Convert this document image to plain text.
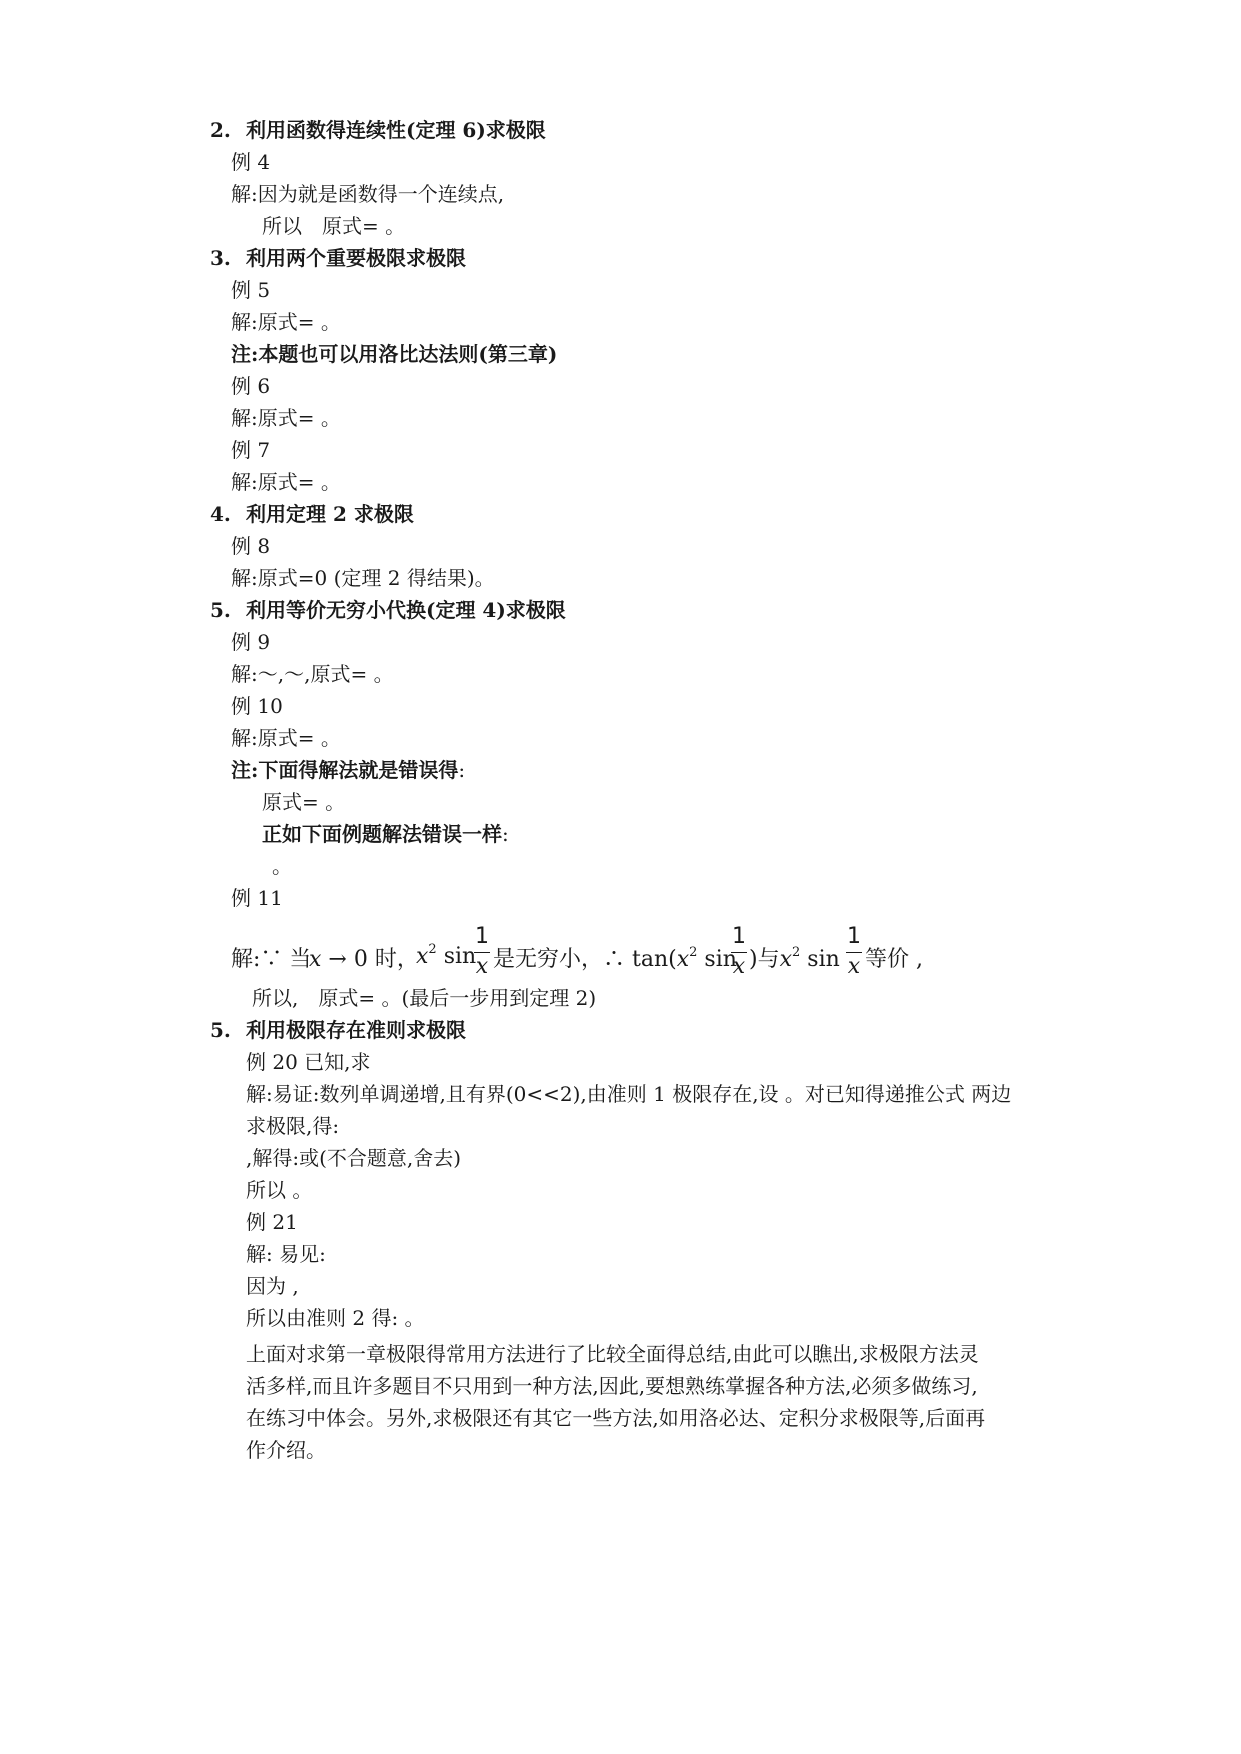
2. 利用函数得连续性(定理 6)求极限
例 4
解:因为就是函数得一个连续点,
所以　原式= 。
3. 利用两个重要极限求极限
例 5
解:原式= 。
注:本题也可以用洛比达法则(第三章)
例 6
解:原式= 。
例 7
解:原式= 。
4. 利用定理 2 求极限
例 8
解:原式=0 (定理 2 得结果)。
5. 利用等价无穷小代换(定理 4)求极限
例 9
解:～,～,原式= 。
例 10
解:原式= 。
注:下面得解法就是错误得:
原式= 。
正如下面例题解法错误一样:
。
例 11
解:∵ 当
x → 0 时，
$x^2$ sin
1
x 是无穷小，∴ $\tan(x^2$ sin
1
x )与$x^2$ sin
1
x 等价 ,
所以,　原式= 。(最后一步用到定理 2)
5. 利用极限存在准则求极限
例 20 已知,求
解:易证:数列单调递增,且有界(0<<2),由准则 1 极限存在,设 。对已知得递推公式 两边
求极限,得:
,解得:或(不合题意,舍去)
所以 。
例 21
解: 易见:
因为 ,
所以由准则 2 得: 。
上面对求第一章极限得常用方法进行了比较全面得总结,由此可以瞧出,求极限方法灵
活多样,而且许多题目不只用到一种方法,因此,要想熟练掌握各种方法,必须多做练习,
在练习中体会。另外,求极限还有其它一些方法,如用洛必达、定积分求极限等,后面再
作介绍。
